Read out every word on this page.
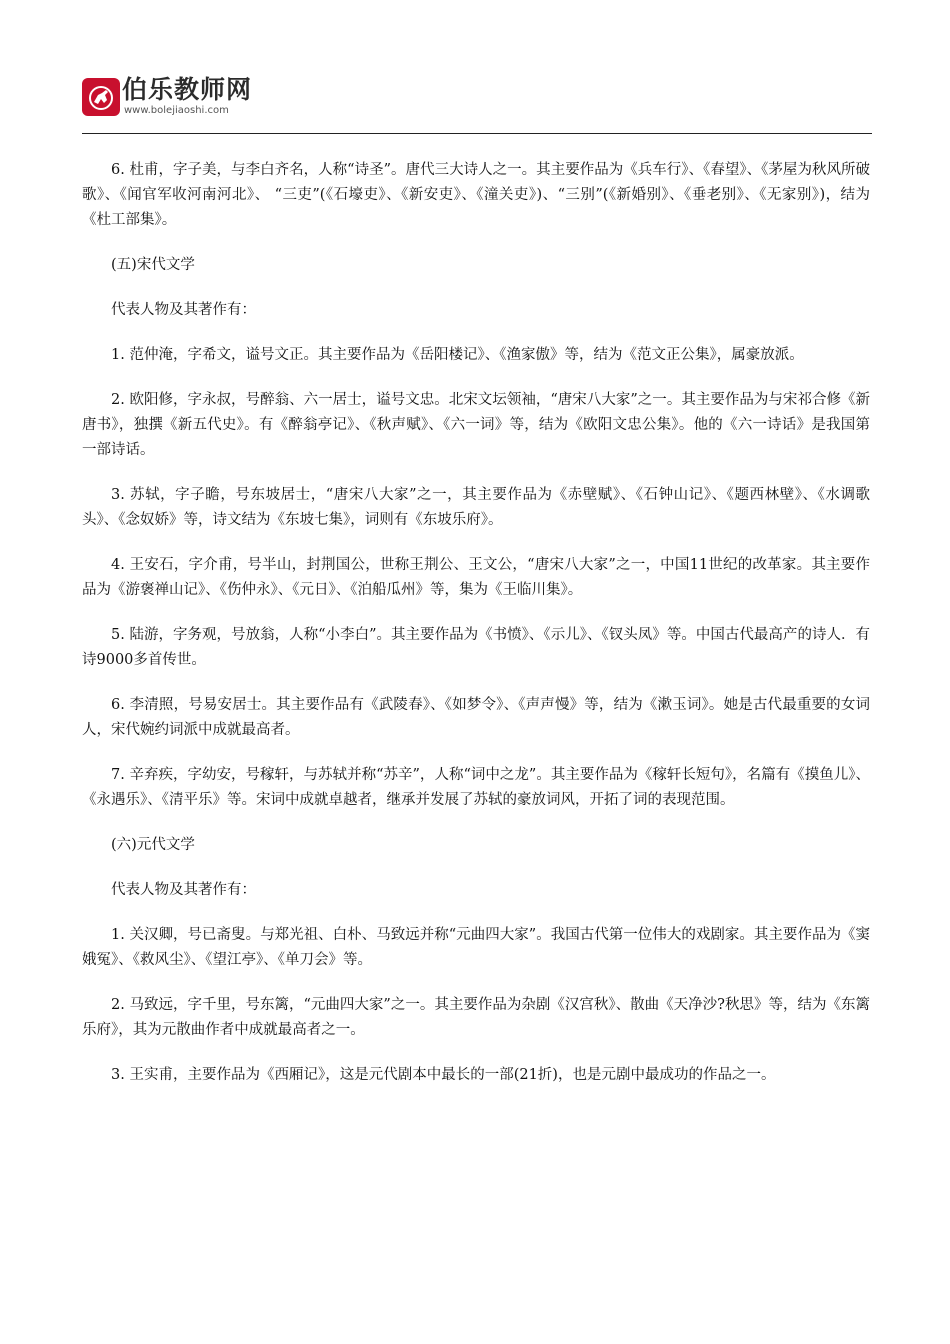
伯乐教师网
www.bolejiaoshi.com

6. 杜甫，字子美，与李白齐名，人称“诗圣”。唐代三大诗人之一。其主要作品为《兵车行》、《春望》、《茅屋为秋风所破歌》、《闻官军收河南河北》、 “三吏”(《石壕吏》、《新安吏》、《潼关吏》)、“三别”(《新婚别》、《垂老别》、《无家别》)，结为《杜工部集》。

(五)宋代文学

代表人物及其著作有：

1. 范仲淹，字希文，谥号文正。其主要作品为《岳阳楼记》、《渔家傲》等，结为《范文正公集》，属豪放派。

2. 欧阳修，字永叔，号醉翁、六一居士，谥号文忠。北宋文坛领袖，“唐宋八大家”之一。其主要作品为与宋祁合修《新唐书》，独撰《新五代史》。有《醉翁亭记》、《秋声赋》、《六一词》等，结为《欧阳文忠公集》。他的《六一诗话》是我国第一部诗话。

3. 苏轼，字子瞻，号东坡居士，“唐宋八大家”之一，其主要作品为《赤壁赋》、《石钟山记》、《题西林壁》、《水调歌头》、《念奴娇》等，诗文结为《东坡七集》，词则有《东坡乐府》。

4. 王安石，字介甫，号半山，封荆国公，世称王荆公、王文公，“唐宋八大家”之一，中国11世纪的改革家。其主要作品为《游褒禅山记》、《伤仲永》、《元日》、《泊船瓜州》等，集为《王临川集》。

5. 陆游，字务观，号放翁，人称“小李白”。其主要作品为《书愤》、《示儿》、《钗头凤》等。中国古代最高产的诗人．有诗9000多首传世。

6. 李清照，号易安居士。其主要作品有《武陵春》、《如梦令》、《声声慢》等，结为《漱玉词》。她是古代最重要的女词人，宋代婉约词派中成就最高者。

7. 辛弃疾，字幼安，号稼轩，与苏轼并称“苏辛”，人称“词中之龙”。其主要作品为《稼轩长短句》，名篇有《摸鱼儿》、《永遇乐》、《清平乐》等。宋词中成就卓越者，继承并发展了苏轼的豪放词风，开拓了词的表现范围。

(六)元代文学

代表人物及其著作有：

1. 关汉卿，号已斋叟。与郑光祖、白朴、马致远并称“元曲四大家”。我国古代第一位伟大的戏剧家。其主要作品为《窦娥冤》、《救风尘》、《望江亭》、《单刀会》等。

2. 马致远，字千里，号东篱，“元曲四大家”之一。其主要作品为杂剧《汉宫秋》、散曲《天净沙?秋思》等，结为《东篱乐府》，其为元散曲作者中成就最高者之一。

3. 王实甫，主要作品为《西厢记》，这是元代剧本中最长的一部(21折)，也是元剧中最成功的作品之一。
